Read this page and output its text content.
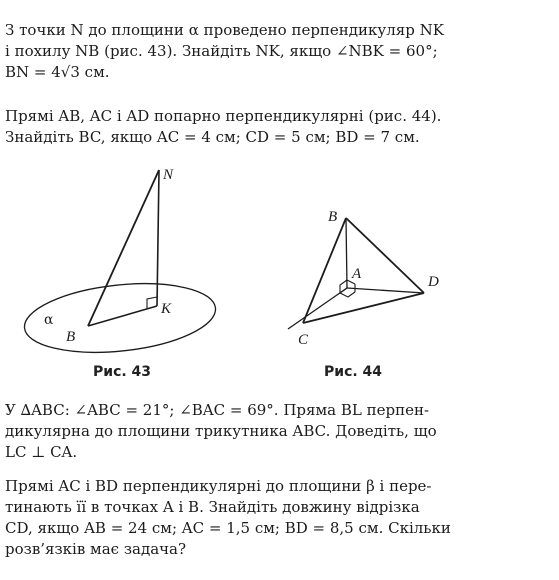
З точки N до площини α проведено перпендикуляр NK
і похилу NB (рис. 43). Знайдіть NK, якщо ∠NBK = 60°;
BN = 4√3 см.

Прямі AB, AC і AD попарно перпендикулярні (рис. 44).
Знайдіть BC, якщо AC = 4 см; CD = 5 см; BD = 7 см.

N
K
B
α
B
A	D
C
Рис. 43	Рис. 44

У ∆ABC: ∠ABC = 21°; ∠BAC = 69°. Пряма BL перпен-
дикулярна до площини трикутника ABC. Доведіть, що
LC ⊥ CA.

Прямі AC і BD перпендикулярні до площини β і пере-
тинають її в точках A і B. Знайдіть довжину відрізка
CD, якщо AB = 24 см; AC = 1,5 см; BD = 8,5 см. Скільки
розв’язків має задача?
